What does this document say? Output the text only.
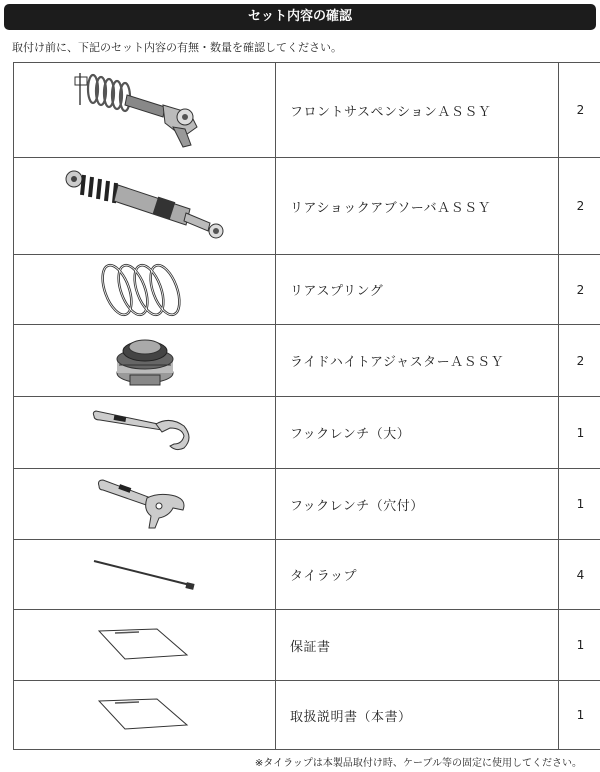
セット内容の確認
取付け前に、下記のセット内容の有無・数量を確認してください。
	フロントサスペンションＡＳＳＹ	2

	リアショックアブソーバＡＳＳＹ	2

	リアスプリング	2

	ライドハイトアジャスターＡＳＳＹ	2

	フックレンチ（大）	1

	フックレンチ（穴付）	1

	タイラップ	4

	保証書	1

	取扱説明書（本書）	1
※タイラップは本製品取付け時、ケーブル等の固定に使用してください。
